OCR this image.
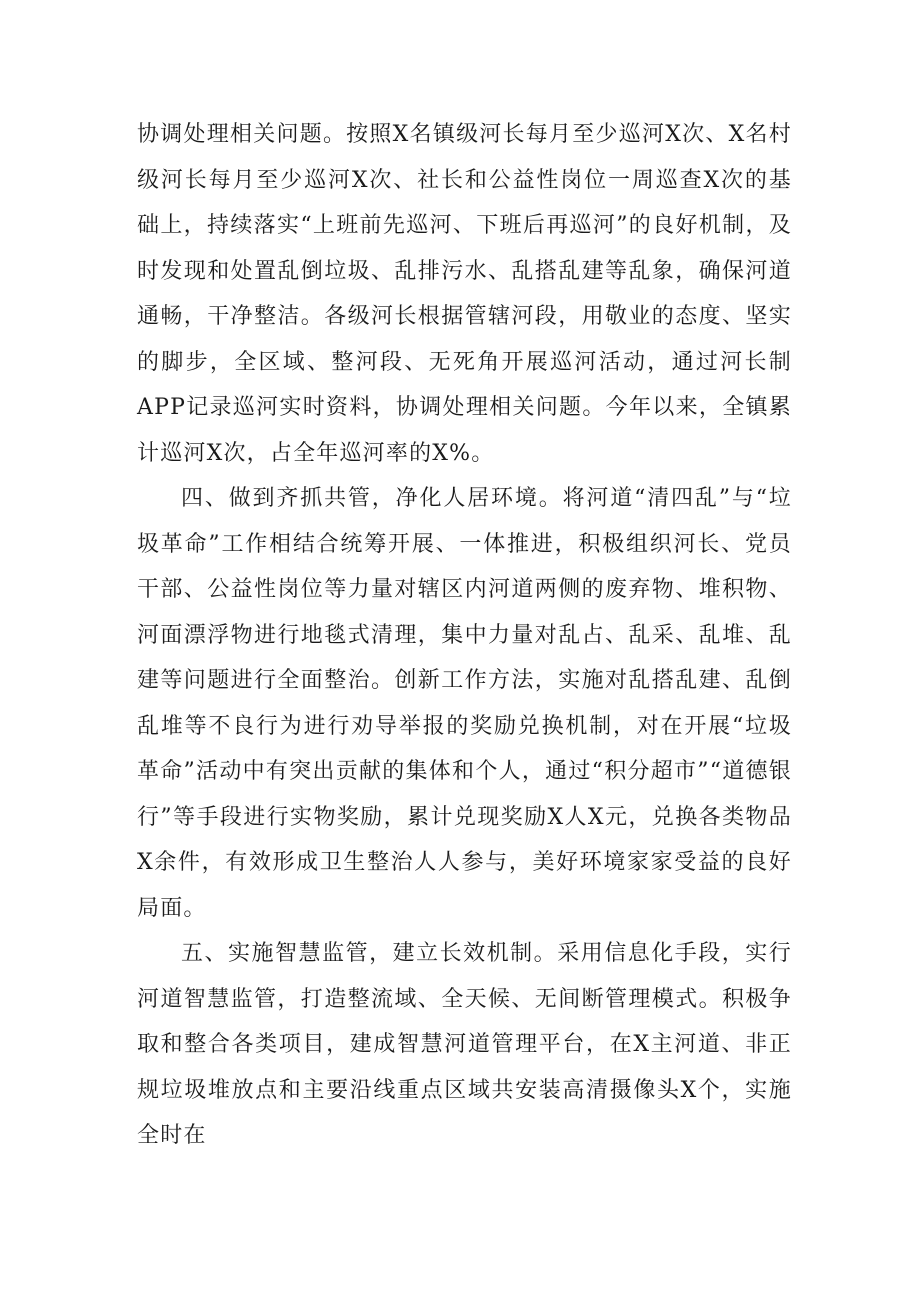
协调处理相关问题。按照X名镇级河长每月至少巡河X次、X名村级河长每月至少巡河X次、社长和公益性岗位一周巡查X次的基础上，持续落实“上班前先巡河、下班后再巡河”的良好机制，及时发现和处置乱倒垃圾、乱排污水、乱搭乱建等乱象，确保河道通畅，干净整洁。各级河长根据管辖河段，用敬业的态度、坚实的脚步，全区域、整河段、无死角开展巡河活动，通过河长制APP记录巡河实时资料，协调处理相关问题。今年以来，全镇累计巡河X次，占全年巡河率的X%。

四、做到齐抓共管，净化人居环境。将河道“清四乱”与“垃圾革命”工作相结合统筹开展、一体推进，积极组织河长、党员干部、公益性岗位等力量对辖区内河道两侧的废弃物、堆积物、河面漂浮物进行地毯式清理，集中力量对乱占、乱采、乱堆、乱建等问题进行全面整治。创新工作方法，实施对乱搭乱建、乱倒乱堆等不良行为进行劝导举报的奖励兑换机制，对在开展“垃圾革命”活动中有突出贡献的集体和个人，通过“积分超市”“道德银行”等手段进行实物奖励，累计兑现奖励X人X元，兑换各类物品X余件，有效形成卫生整治人人参与，美好环境家家受益的良好局面。

五、实施智慧监管，建立长效机制。采用信息化手段，实行河道智慧监管，打造整流域、全天候、无间断管理模式。积极争取和整合各类项目，建成智慧河道管理平台，在X主河道、非正规垃圾堆放点和主要沿线重点区域共安装高清摄像头X个，实施全时在
